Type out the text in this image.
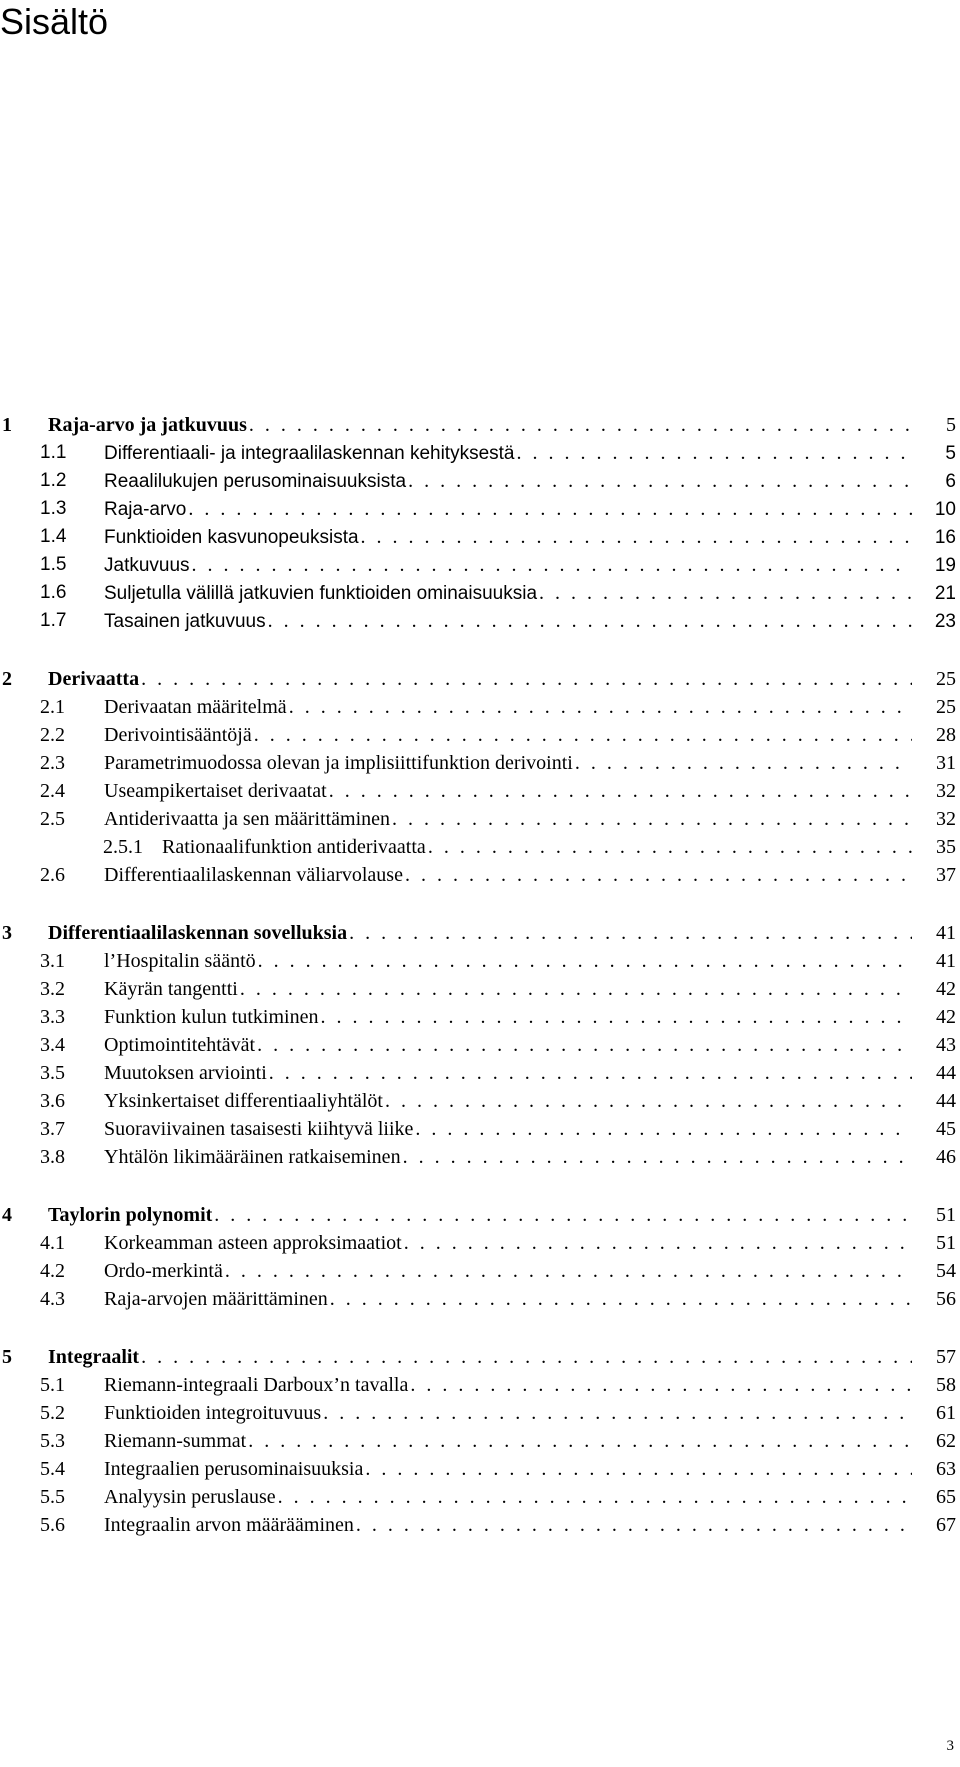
Sisältö
1 Raja-arvo ja jatkuvuus . . .	5
1.1 Differentiaali- ja integraalilaskennan kehityksestä . . .	5
1.2 Reaalilukujen perusominaisuuksista . . .	6
1.3 Raja-arvo . . .	10
1.4 Funktioiden kasvunopeuksista . . .	16
1.5 Jatkuvuus . . .	19
1.6 Suljetulla välillä jatkuvien funktioiden ominaisuuksia . . .	21
1.7 Tasainen jatkuvuus . . .	23
2 Derivaatta . . .	25
2.1 Derivaatan määritelmä . . .	25
2.2 Derivointisääntöjä . . .	28
2.3 Parametrimuodossa olevan ja implisiittifunktion derivointi . . .	31
2.4 Useampikertaiset derivaatat . . .	32
2.5 Antiderivaatta ja sen määrittäminen . . .	32
2.5.1 Rationaalifunktion antiderivaatta . . .	35
2.6 Differentiaalilaskennan väliarvolause . . .	37
3 Differentiaalilaskennan sovelluksia . . .	41
3.1 l’Hospitalin sääntö . . .	41
3.2 Käyrän tangentti . . .	42
3.3 Funktion kulun tutkiminen . . .	42
3.4 Optimointitehtävät . . .	43
3.5 Muutoksen arviointi . . .	44
3.6 Yksinkertaiset differentiaaliyhtälöt . . .	44
3.7 Suoraviivainen tasaisesti kiihtyvä liike . . .	45
3.8 Yhtälön likimääräinen ratkaiseminen . . .	46
4 Taylorin polynomit . . .	51
4.1 Korkeamman asteen approksimaatiot . . .	51
4.2 Ordo-merkintä . . .	54
4.3 Raja-arvojen määrittäminen . . .	56
5 Integraalit . . .	57
5.1 Riemann-integraali Darboux’n tavalla . . .	58
5.2 Funktioiden integroituvuus . . .	61
5.3 Riemann-summat . . .	62
5.4 Integraalien perusominaisuuksia . . .	63
5.5 Analyysin peruslause . . .	65
5.6 Integraalin arvon määrääminen . . .	67
3
